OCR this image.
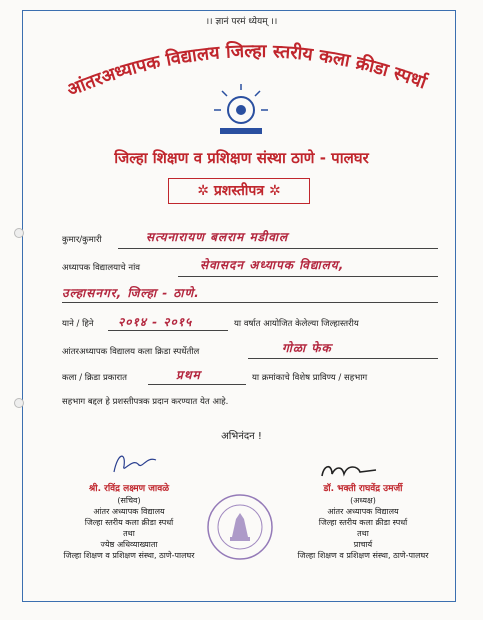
।। ज्ञानं परमं ध्येयम् ।।
आंतरअध्यापक विद्यालय जिल्हा स्तरीय कला क्रीडा स्पर्धा
जिल्हा शिक्षण व प्रशिक्षण संस्था ठाणे - पालघर
✲ प्रशस्तीपत्र ✲
कुमार/कुमारी	सत्यनारायण बलराम मडीवाल
अध्यापक विद्यालयाचे नांव	सेवासदन अध्यापक विद्यालय,
उल्हासनगर, जिल्हा - ठाणे.
याने / हिने २०१४ - २०१५	या वर्षात आयोजित केलेल्या जिल्हास्तरीय
आंतरअध्यापक विद्यालय कला क्रिडा स्पर्धेतील	गोळा फेक
कला / क्रिडा प्रकारात	प्रथम	या क्रमांकाचे विशेष प्राविण्य / सहभाग
सहभाग बद्दल हे प्रशस्तीपत्रक प्रदान करण्यात येत आहे.
अभिनंदन !
श्री. रविंद्र लक्ष्मण जावळे
(सचिव)
आंतर अध्यापक विद्यालय
जिल्हा स्तरीय कला क्रीडा स्पर्धा
तथा
ज्येष्ठ अधिव्याख्याता
जिल्हा शिक्षण व प्रशिक्षण संस्था, ठाणे-पालघर
डॉ. भक्ती राघवेंद्र उमर्जी
(अध्यक्ष)
आंतर अध्यापक विद्यालय
जिल्हा स्तरीय कला क्रीडा स्पर्धा
तथा
प्राचार्य
जिल्हा शिक्षण व प्रशिक्षण संस्था, ठाणे-पालघर
